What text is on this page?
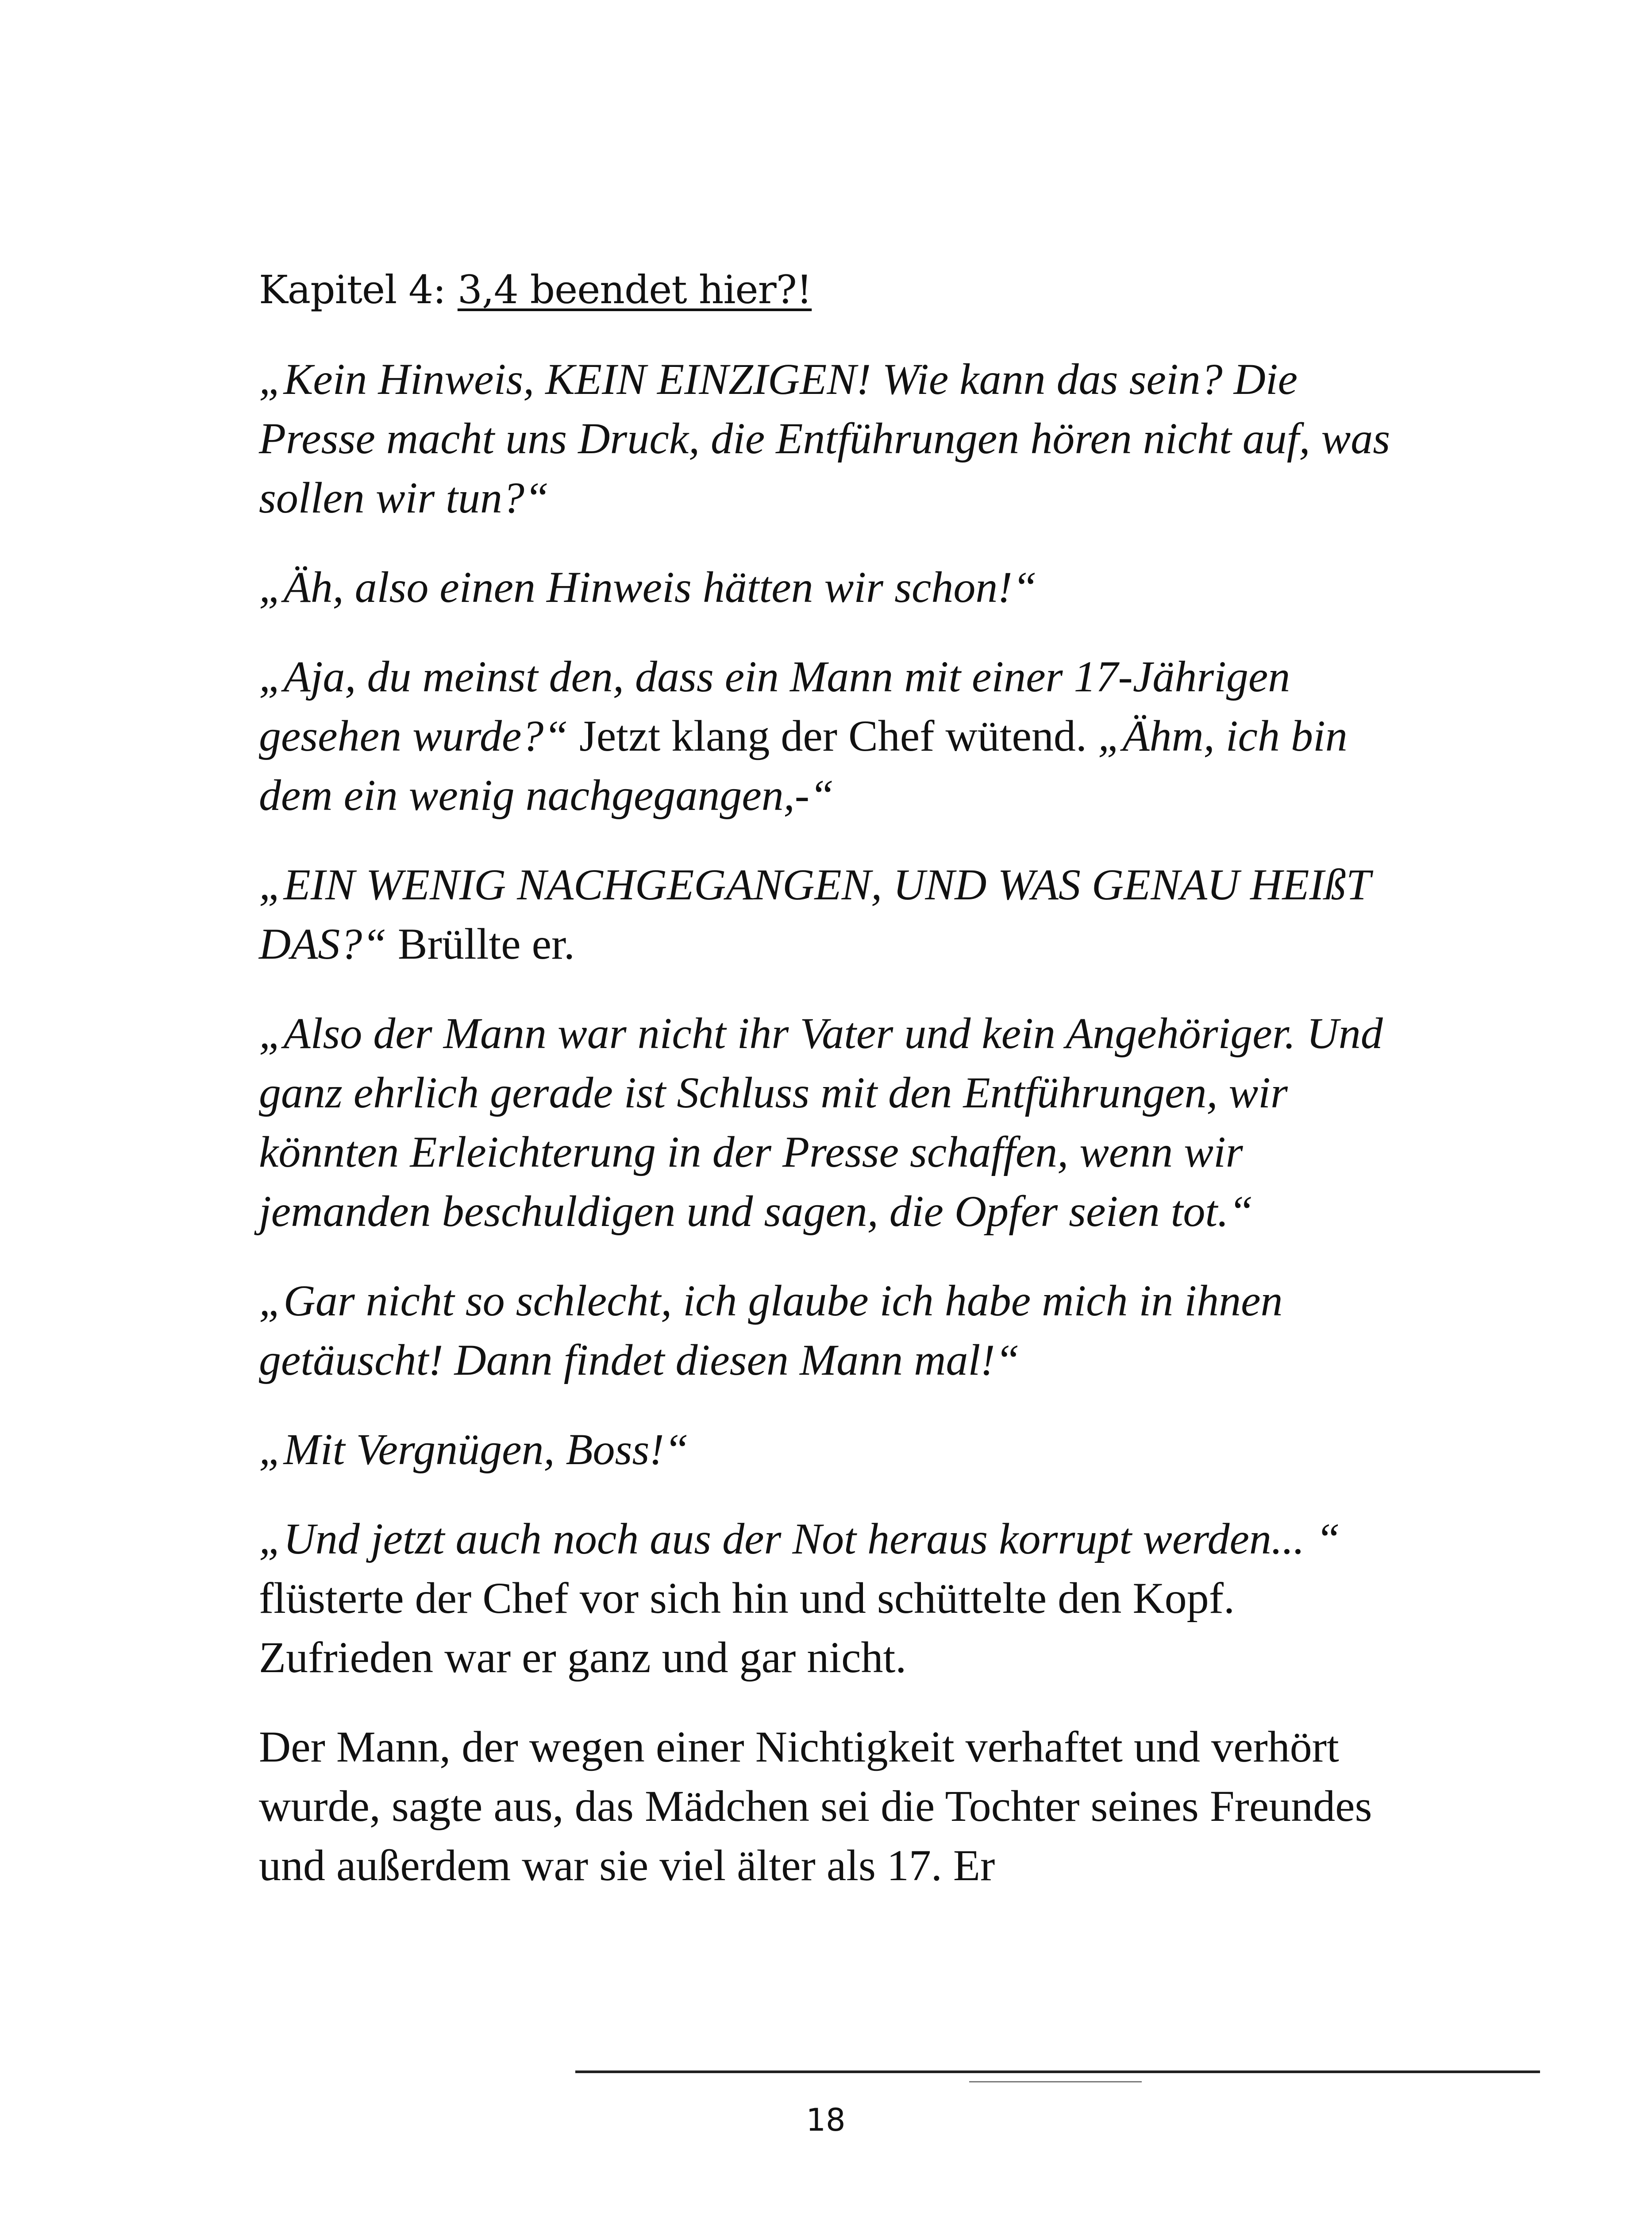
Kapitel 4: 3,4 beendet hier?!

„Kein Hinweis, KEIN EINZIGEN! Wie kann das sein? Die Presse macht uns Druck, die Entführungen hören nicht auf, was sollen wir tun?“

„Äh, also einen Hinweis hätten wir schon!“

„Aja, du meinst den, dass ein Mann mit einer 17-Jährigen gesehen wurde?“ Jetzt klang der Chef wütend. „Ähm, ich bin dem ein wenig nachgegangen,-“

„EIN WENIG NACHGEGANGEN, UND WAS GENAU HEIßT DAS?“ Brüllte er.

„Also der Mann war nicht ihr Vater und kein Angehöriger. Und ganz ehrlich gerade ist Schluss mit den Entführungen, wir könnten Erleichterung in der Presse schaffen, wenn wir jemanden beschuldigen und sagen, die Opfer seien tot.“

„Gar nicht so schlecht, ich glaube ich habe mich in ihnen getäuscht! Dann findet diesen Mann mal!“

„Mit Vergnügen, Boss!“

„Und jetzt auch noch aus der Not heraus korrupt werden... “ flüsterte der Chef vor sich hin und schüttelte den Kopf. Zufrieden war er ganz und gar nicht.

Der Mann, der wegen einer Nichtigkeit verhaftet und verhört wurde, sagte aus, das Mädchen sei die Tochter seines Freundes und außerdem war sie viel älter als 17. Er

18
